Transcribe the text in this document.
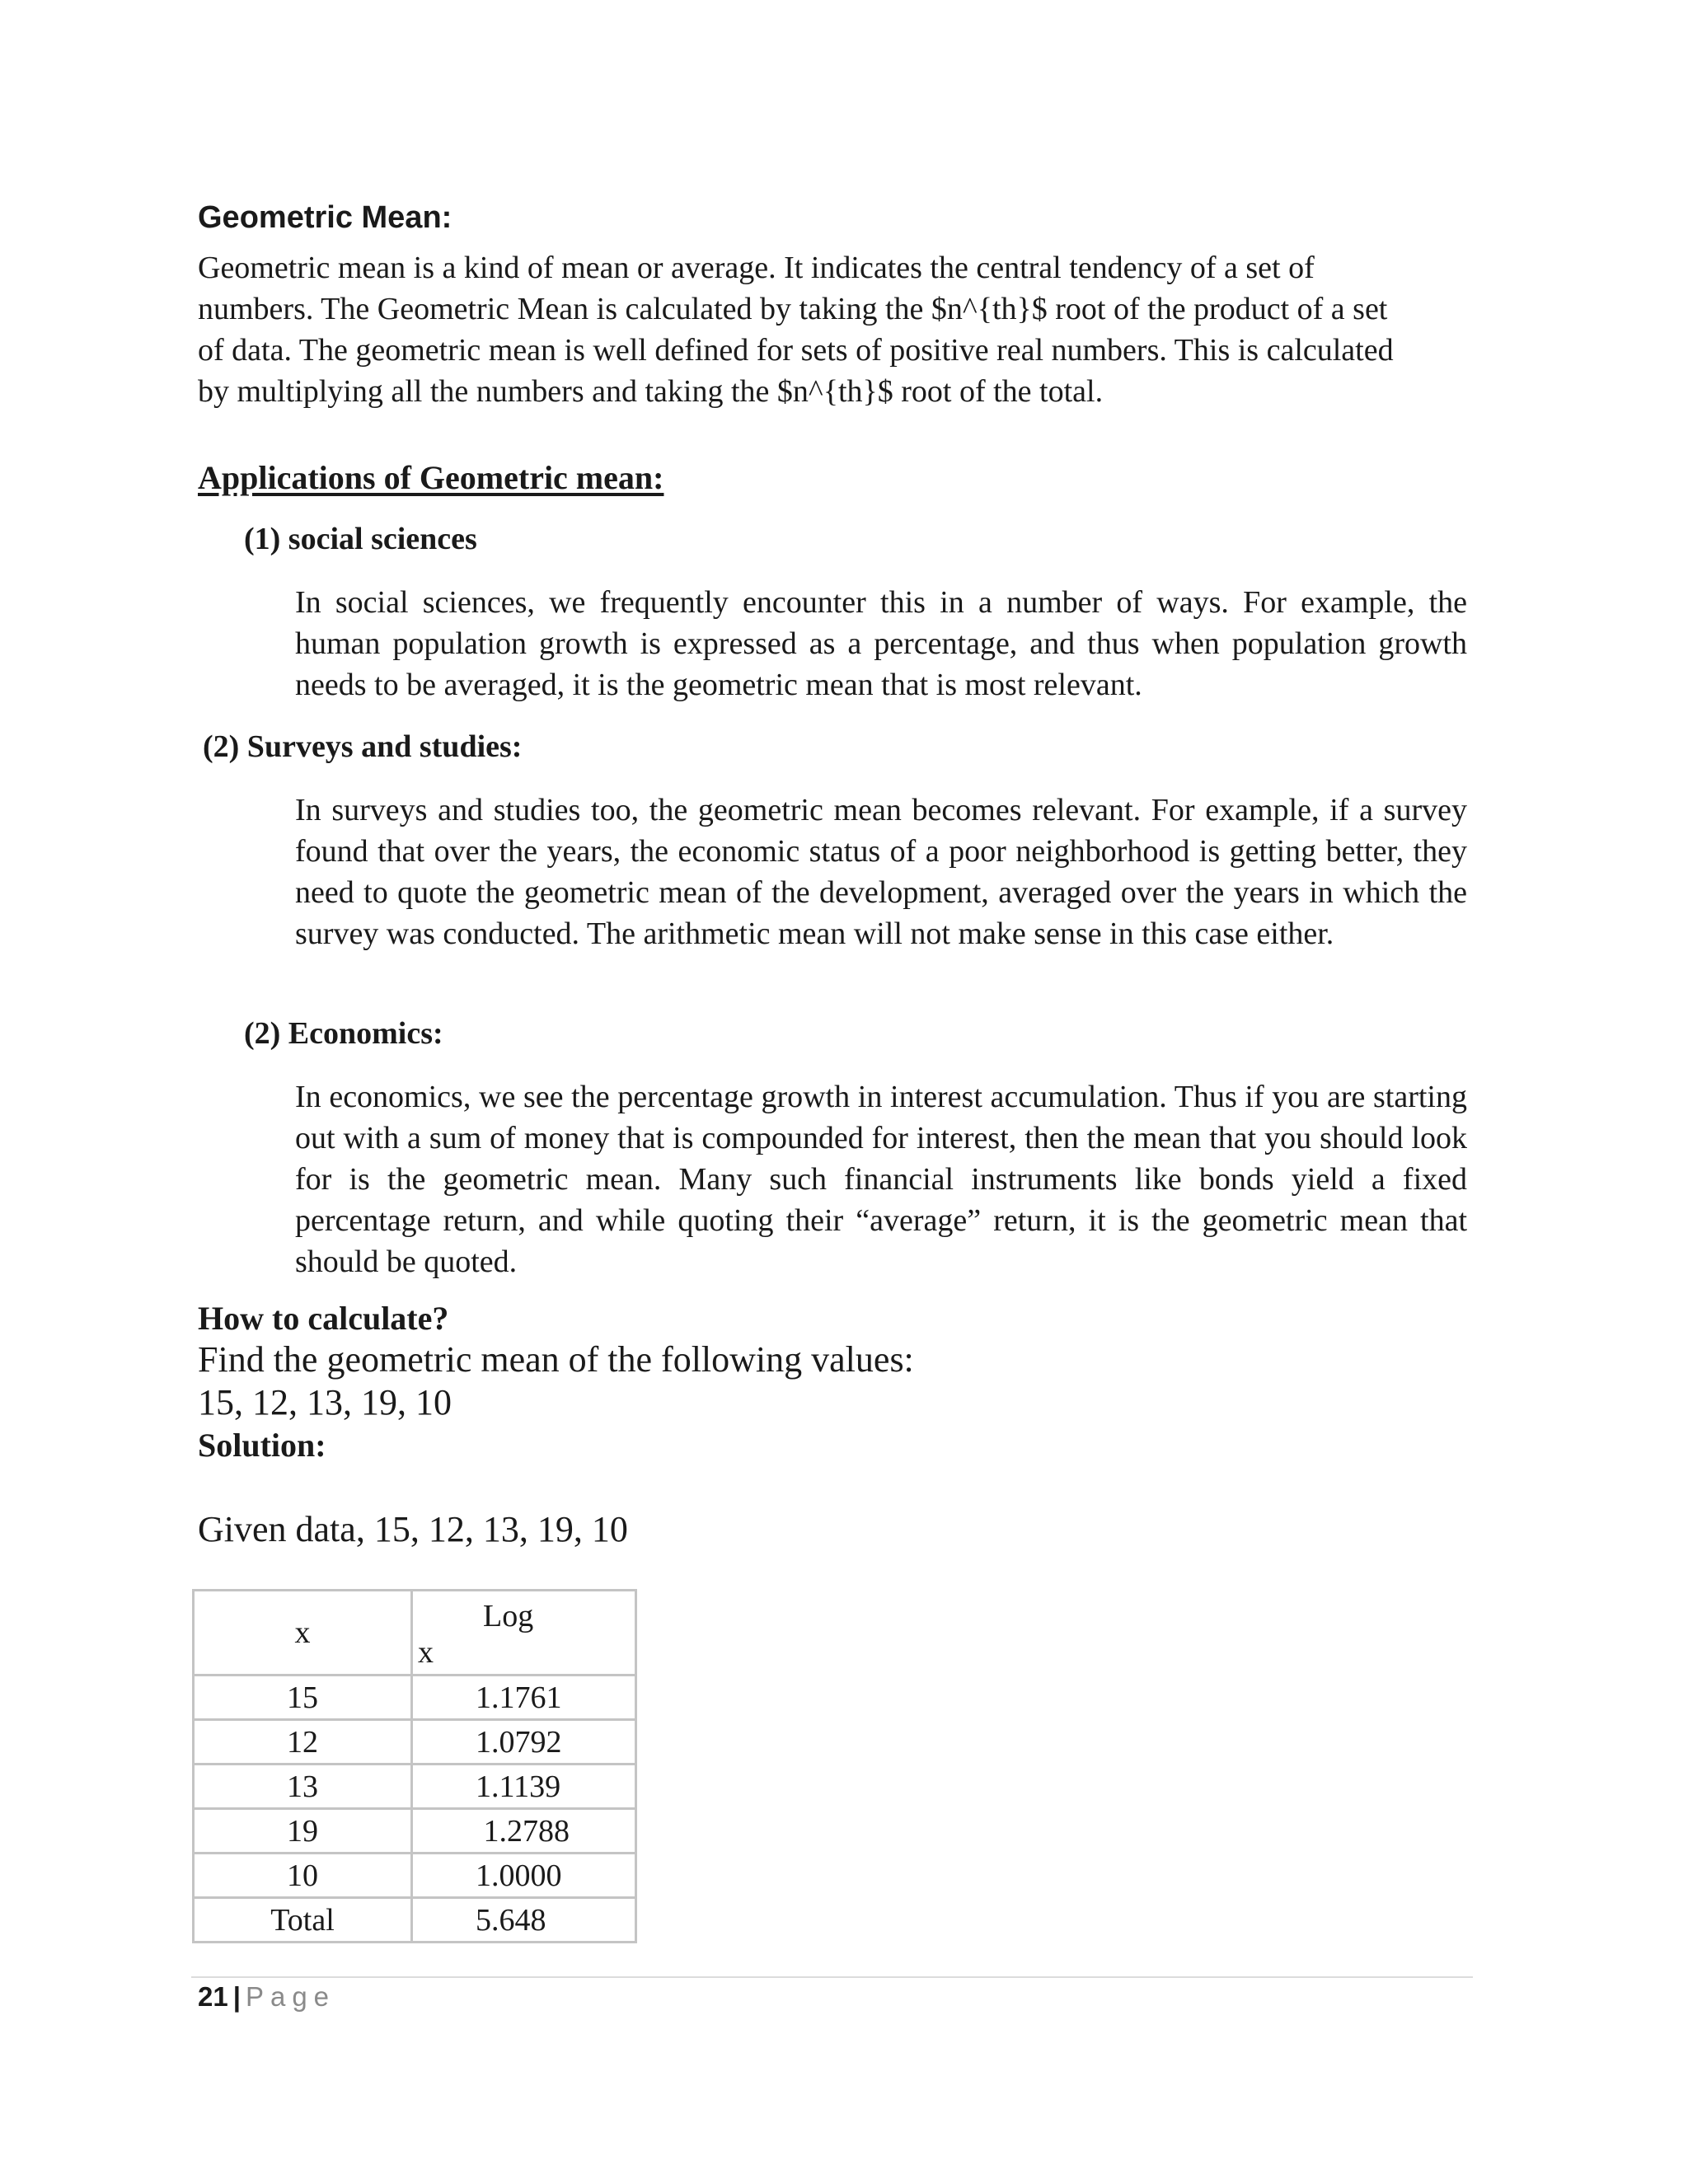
Geometric Mean:
Geometric mean is a kind of mean or average. It indicates the central tendency of a set of
numbers. The Geometric Mean is calculated by taking the $n^{th}$ root of the product of a set
of data. The geometric mean is well defined for sets of positive real numbers. This is calculated
by multiplying all the numbers and taking the $n^{th}$ root of the total.
Applications of Geometric mean:
(1) social sciences

In social sciences, we frequently encounter this in a number of ways. For example, the human population growth is expressed as a percentage, and thus when population growth needs to be averaged, it is the geometric mean that is most relevant.

(2) Surveys and studies:

In surveys and studies too, the geometric mean becomes relevant. For example, if a survey found that over the years, the economic status of a poor neighborhood is getting better, they need to quote the geometric mean of the development, averaged over the years in which the survey was conducted. The arithmetic mean will not make sense in this case either.

(2) Economics:

In economics, we see the percentage growth in interest accumulation. Thus if you are starting out with a sum of money that is compounded for interest, then the mean that you should look for is the geometric mean. Many such financial instruments like bonds yield a fixed percentage return, and while quoting their “average” return, it is the geometric mean that should be quoted.

How to calculate?
Find the geometric mean of the following values:
15, 12, 13, 19, 10
Solution:
Given data, 15, 12, 13, 19, 10
x	Log
x

15	1.1761
12	1.0792
13	1.1139
19	1.2788
10	1.0000
Total	5.648
21 | Page
